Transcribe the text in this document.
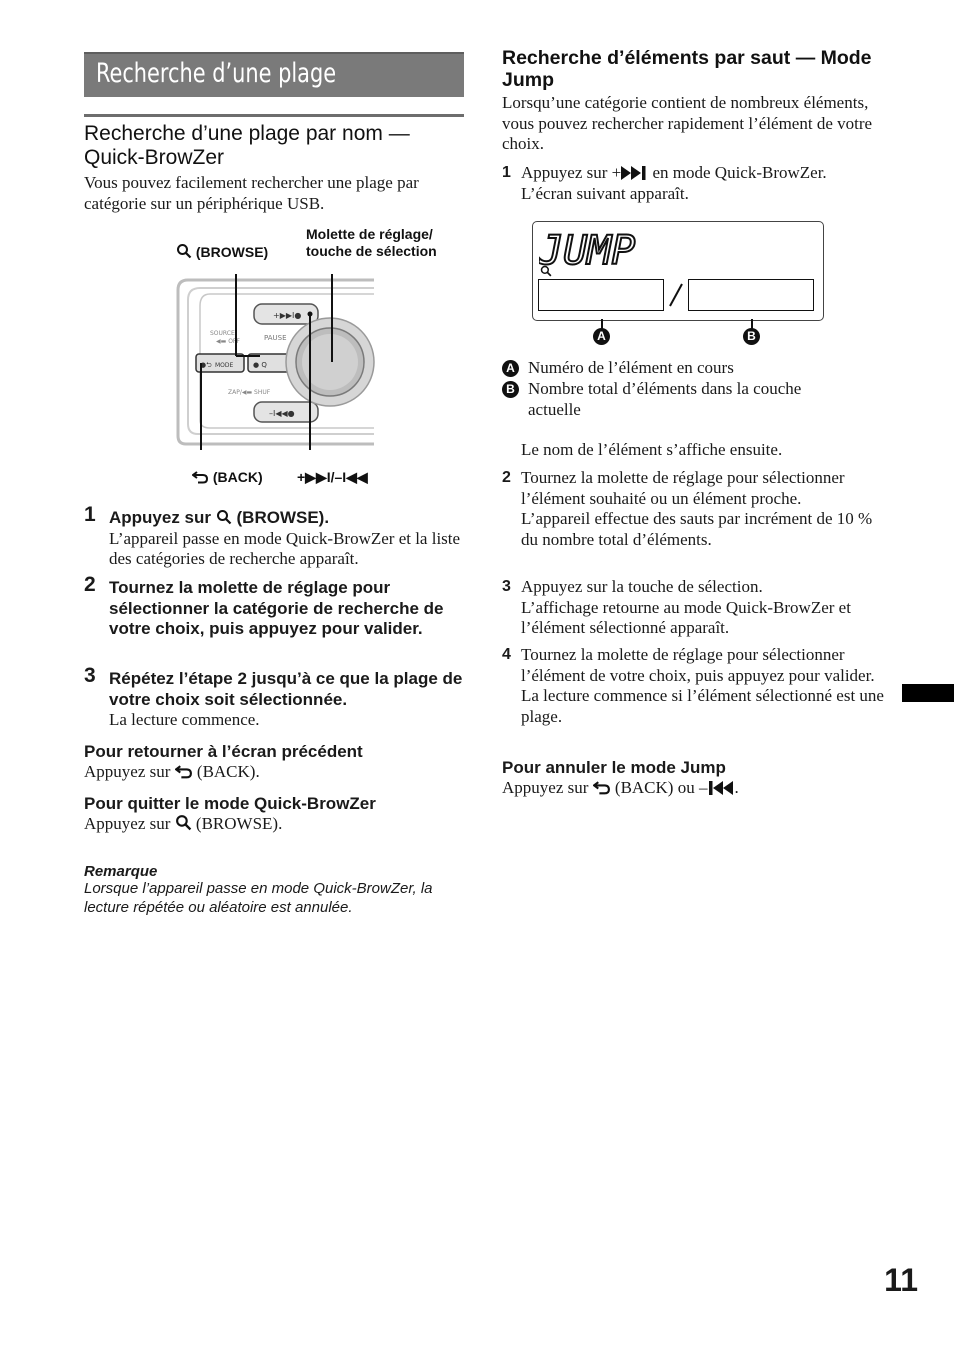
Recherche d’une plage
Recherche d’une plage par nom — Quick-BrowZer
Vous pouvez facilement rechercher une plage par catégorie sur un périphérique USB.
(BROWSE)
Molette de réglage/
touche de sélection
+▶▶I●
PAUSE
SOURCE
◀▬ OFF
●⮌ MODE	● Q
ZAP/◀▬ SHUF
–I◀◀●
(BACK) +▶▶I/–I◀◀
1 Appuyez sur (BROWSE).
L’appareil passe en mode Quick-BrowZer et la liste des catégories de recherche apparaît.
2 Tournez la molette de réglage pour sélectionner la catégorie de recherche de votre choix, puis appuyez pour valider.
3 Répétez l’étape 2 jusqu’à ce que la plage de votre choix soit sélectionnée.
La lecture commence.
Pour retourner à l’écran précédent
Appuyez sur (BACK).
Pour quitter le mode Quick-BrowZer
Appuyez sur (BROWSE).
Remarque
Lorsque l’appareil passe en mode Quick-BrowZer, la lecture répétée ou aléatoire est annulée.
Recherche d’éléments par saut — Mode Jump
Lorsqu’une catégorie contient de nombreux éléments, vous pouvez rechercher rapidement l’élément de votre choix.
1 Appuyez sur + en mode Quick-BrowZer.
L’écran suivant apparaît.
JUMP
A	B
A Numéro de l’élément en cours
B Nombre total d’éléments dans la couche actuelle
Le nom de l’élément s’affiche ensuite.
2 Tournez la molette de réglage pour sélectionner l’élément souhaité ou un élément proche.
L’appareil effectue des sauts par incrément de 10 % du nombre total d’éléments.
3 Appuyez sur la touche de sélection.
L’affichage retourne au mode Quick-BrowZer et l’élément sélectionné apparaît.
4 Tournez la molette de réglage pour sélectionner l’élément de votre choix, puis appuyez pour valider.
La lecture commence si l’élément sélectionné est une plage.
Pour annuler le mode Jump
Appuyez sur (BACK) ou – .
11
